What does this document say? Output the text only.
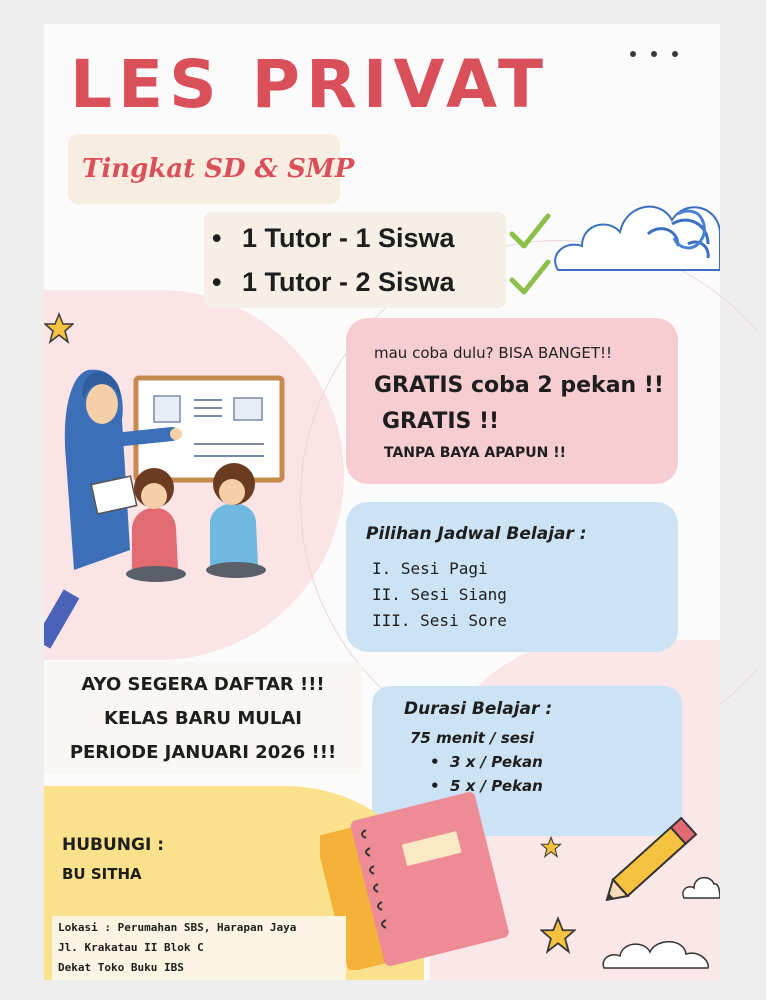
LES PRIVAT
Tingkat SD & SMP
• 1 Tutor - 1 Siswa
• 1 Tutor - 2 Siswa
mau coba dulu? BISA BANGET!!
GRATIS coba 2 pekan !!
GRATIS !!
TANPA BAYA APAPUN !!
Pilihan Jadwal Belajar :
I. Sesi Pagi
II. Sesi Siang
III. Sesi Sore
AYO SEGERA DAFTAR !!!
KELAS BARU MULAI
PERIODE JANUARI 2026 !!!
Durasi Belajar :
75 menit / sesi
• 3 x / Pekan
• 5 x / Pekan
HUBUNGI :
BU SITHA
Lokasi : Perumahan SBS, Harapan Jaya
Jl. Krakatau II Blok C
Dekat Toko Buku IBS
